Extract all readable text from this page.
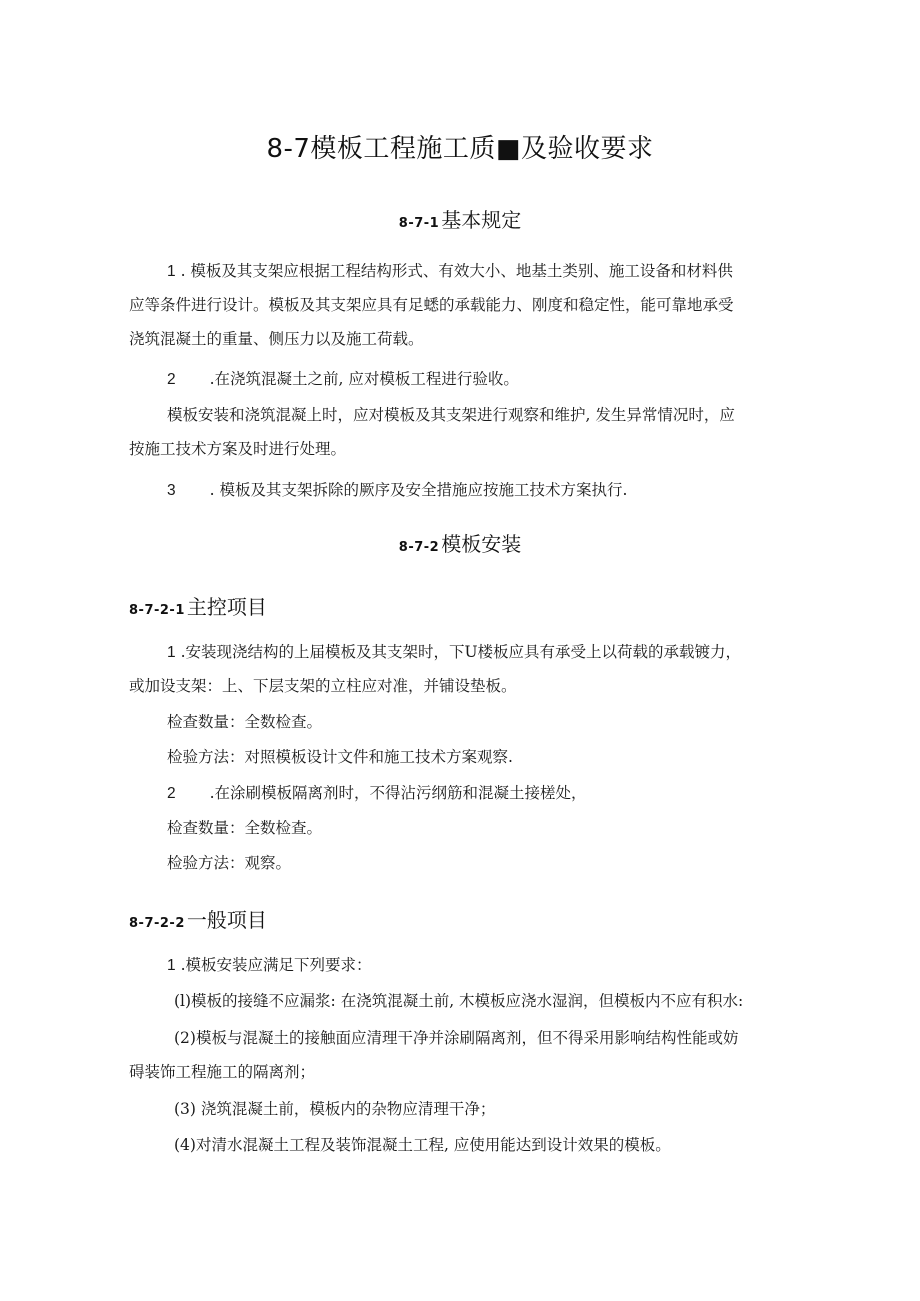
8-7模板工程施工质■及验收要求
8-7-1 基本规定
1 . 模板及其支架应根据工程结构形式、有效大小、地基土类别、施工设备和材料供
应等条件进行设计。模板及其支架应具有足蟋的承载能力、刚度和稳定性，能可靠地承受
浇筑混凝土的重量、侧压力以及施工荷载。
2 .在浇筑混凝土之前, 应对模板工程进行验收。
模板安装和浇筑混凝上时，应对模板及其支架进行观察和维护, 发生异常情况时，应
按施工技术方案及时进行处理。
3 . 模板及其支架拆除的厥序及安全措施应按施工技术方案执行.
8-7-2 模板安装
8-7-2-1 主控项目
1 .安装现浇结构的上届模板及其支架时，下U楼板应具有承受上以荷载的承载镀力，
或加设支架：上、下层支架的立柱应对准，并铺设垫板。
检查数量：全数检查。
检验方法：对照模板设计文件和施工技术方案观察.
2 .在涂刷模板隔离剂时，不得沾污纲筋和混凝土接槎处，
检查数量：全数检查。
检验方法：观察。
8-7-2-2 一般项目
1 .模板安装应满足下列要求：
(l)模板的接缝不应漏浆: 在浇筑混凝土前, 木模板应浇水湿润，但模板内不应有积水:
(2)模板与混凝土的接触面应清理干净并涂刷隔离剂，但不得采用影响结构性能或妨
碍装饰工程施工的隔离剂；
(3) 浇筑混凝土前，模板内的杂物应清理干净；
(4)对清水混凝土工程及装饰混凝土工程, 应使用能达到设计效果的模板。
